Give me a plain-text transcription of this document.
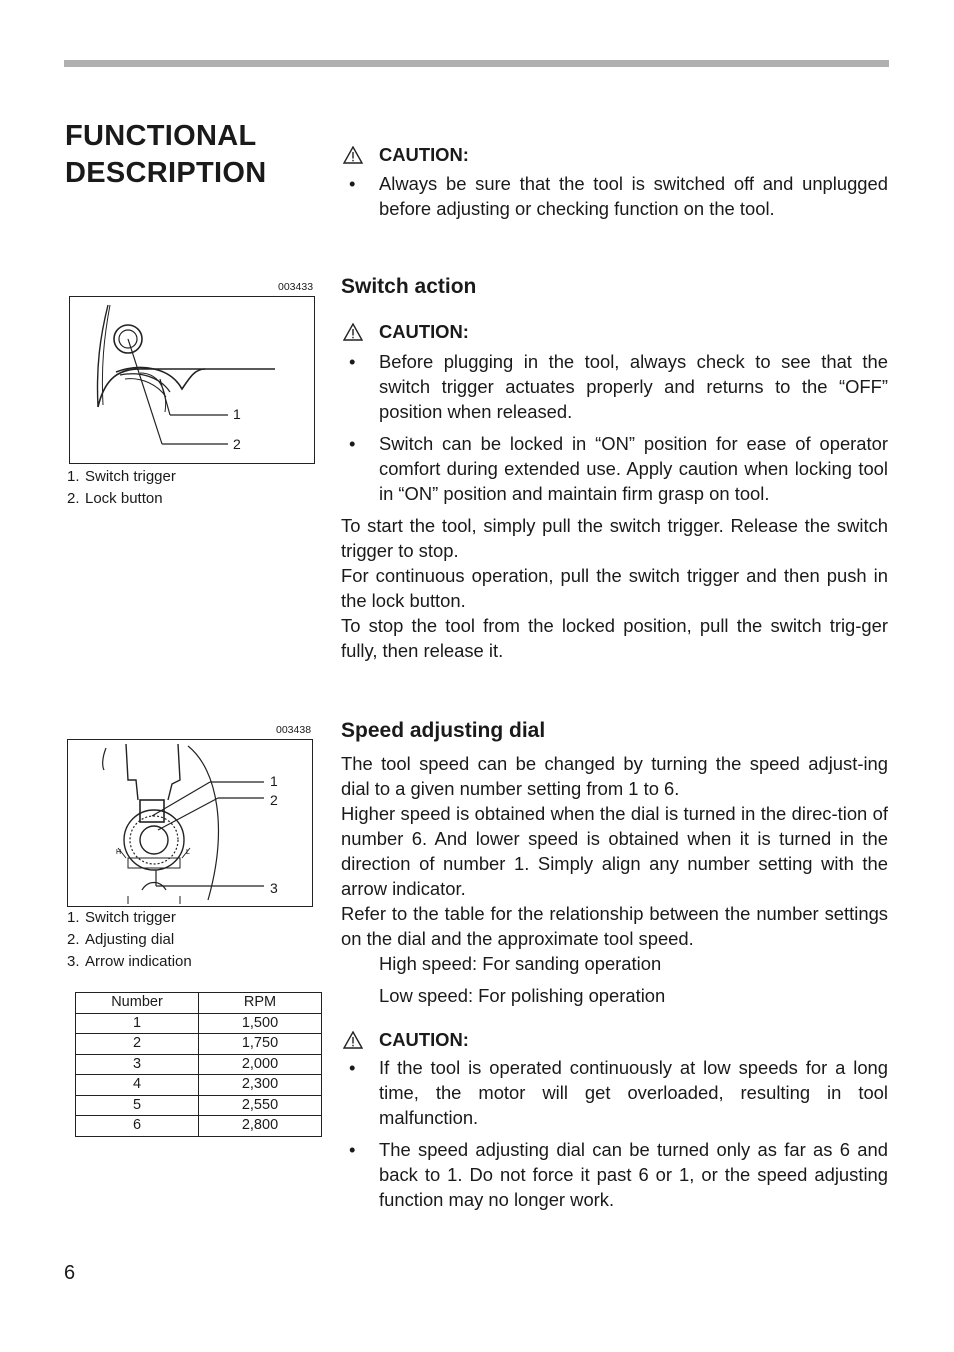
FUNCTIONAL
DESCRIPTION
CAUTION:
• Always be sure that the tool is switched off and unplugged before adjusting or checking function on the tool.
Switch action
CAUTION:
• Before plugging in the tool, always check to see that the switch trigger actuates properly and returns to the “OFF” position when released.
• Switch can be locked in “ON” position for ease of operator comfort during extended use. Apply caution when locking tool in “ON” position and maintain firm grasp on tool.
To start the tool, simply pull the switch trigger. Release the switch trigger to stop.
For continuous operation, pull the switch trigger and then push in the lock button.
To stop the tool from the locked position, pull the switch trig-ger fully, then release it.
Speed adjusting dial
The tool speed can be changed by turning the speed adjust-ing dial to a given number setting from 1 to 6.
Higher speed is obtained when the dial is turned in the direc-tion of number 6. And lower speed is obtained when it is turned in the direction of number 1. Simply align any number setting with the arrow indicator.
Refer to the table for the relationship between the number settings on the dial and the approximate tool speed.
High speed: For sanding operation
Low speed: For polishing operation
CAUTION:
• If the tool is operated continuously at low speeds for a long time, the motor will get overloaded, resulting in tool malfunction.
• The speed adjusting dial can be turned only as far as 6 and back to 1. Do not force it past 6 or 1, or the speed adjusting function may no longer work.
003433
1
2
1. Switch trigger
2. Lock button
003438
H	L
1
2
3
1. Switch trigger
2. Adjusting dial
3. Arrow indication
Number	RPM
1	1,500
2	1,750
3	2,000
4	2,300
5	2,550
6	2,800
6
